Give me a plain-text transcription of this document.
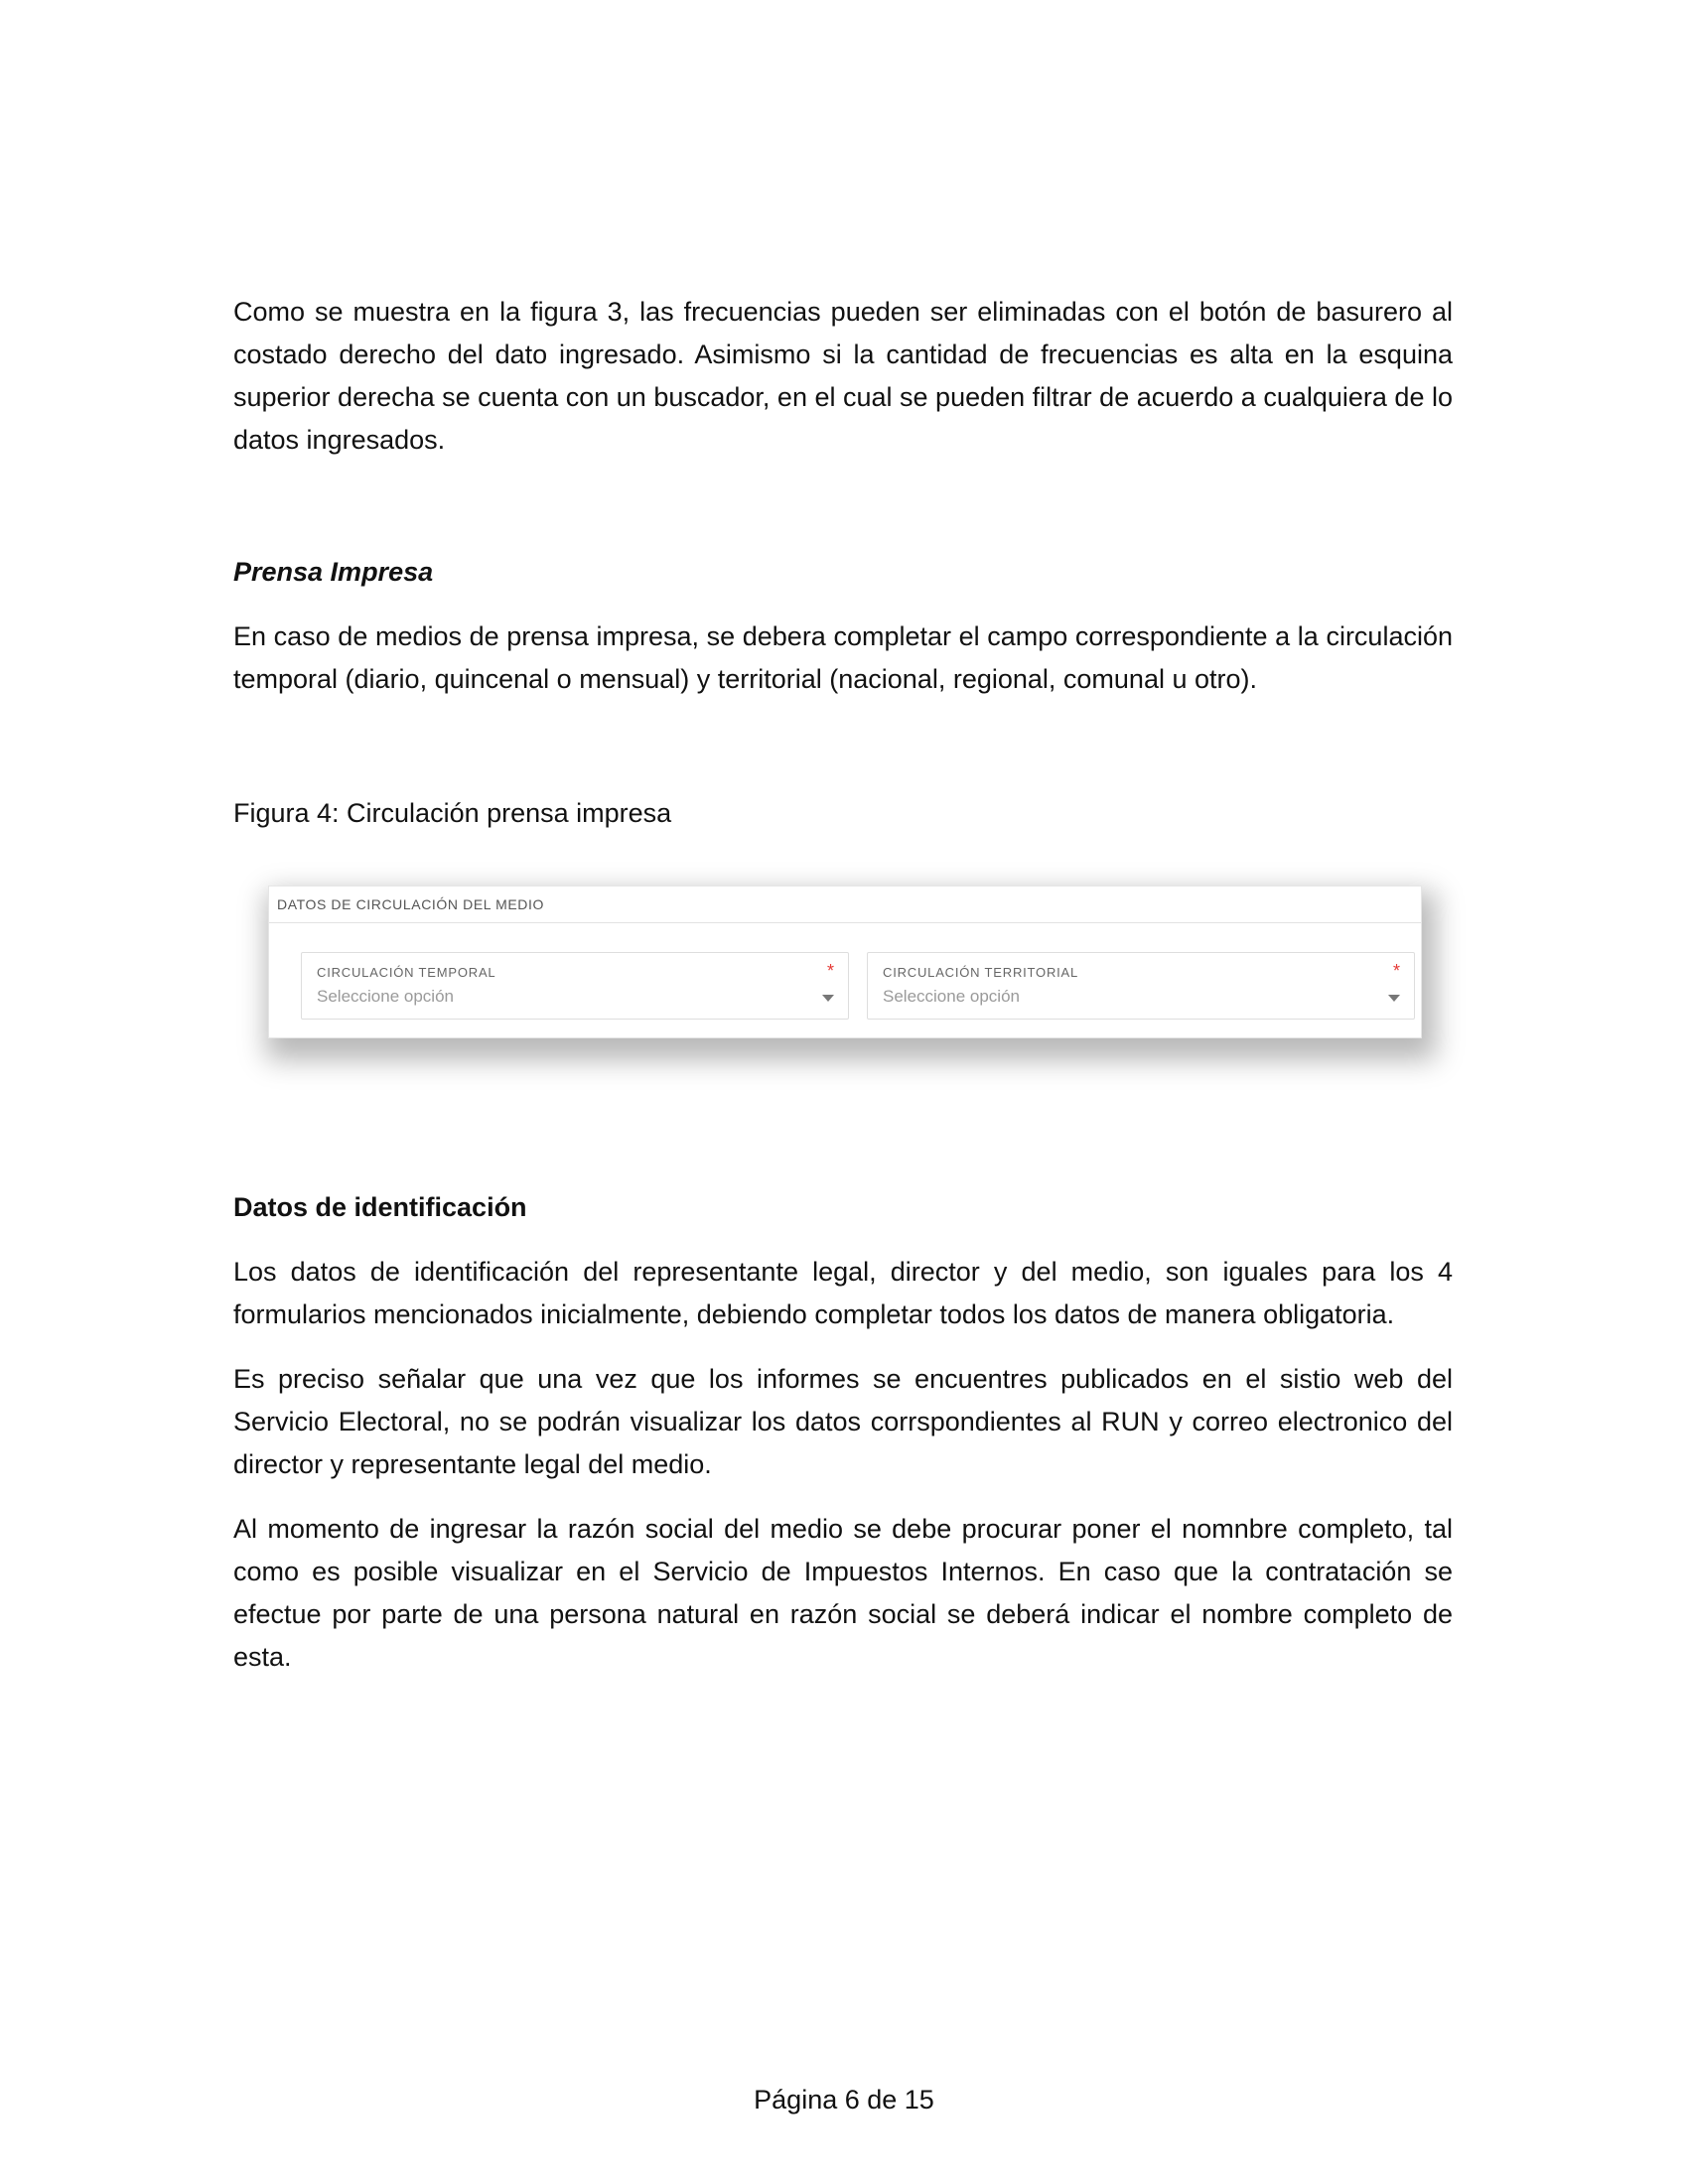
Como se muestra en la figura 3, las frecuencias pueden ser eliminadas con el botón de basurero al costado derecho del dato ingresado. Asimismo si la cantidad de frecuencias es alta en la esquina superior derecha se cuenta con un buscador, en el cual se pueden filtrar de acuerdo a cualquiera de lo datos ingresados.

Prensa Impresa

En caso de medios de prensa impresa, se debera completar el campo correspondiente a la circulación temporal (diario, quincenal o mensual) y territorial (nacional, regional, comunal u otro).

Figura 4: Circulación prensa impresa

DATOS DE CIRCULACIÓN DEL MEDIO
CIRCULACIÓN TEMPORAL	*
Seleccione opción
CIRCULACIÓN TERRITORIAL	*
Seleccione opción

Datos de identificación

Los datos de identificación del representante legal, director y del medio, son iguales para los 4 formularios mencionados inicialmente, debiendo completar todos los datos de manera obligatoria.

Es preciso señalar que una vez que los informes se encuentres publicados en el sistio web del Servicio Electoral, no se podrán visualizar los datos corrspondientes al RUN y correo electronico del director y representante legal del medio.

Al momento de ingresar la razón social del medio se debe procurar poner el nomnbre completo, tal como es posible visualizar en el Servicio de Impuestos Internos. En caso que la contratación se efectue por parte de una persona natural en razón social se deberá indicar el nombre completo de esta.

Página 6 de 15
